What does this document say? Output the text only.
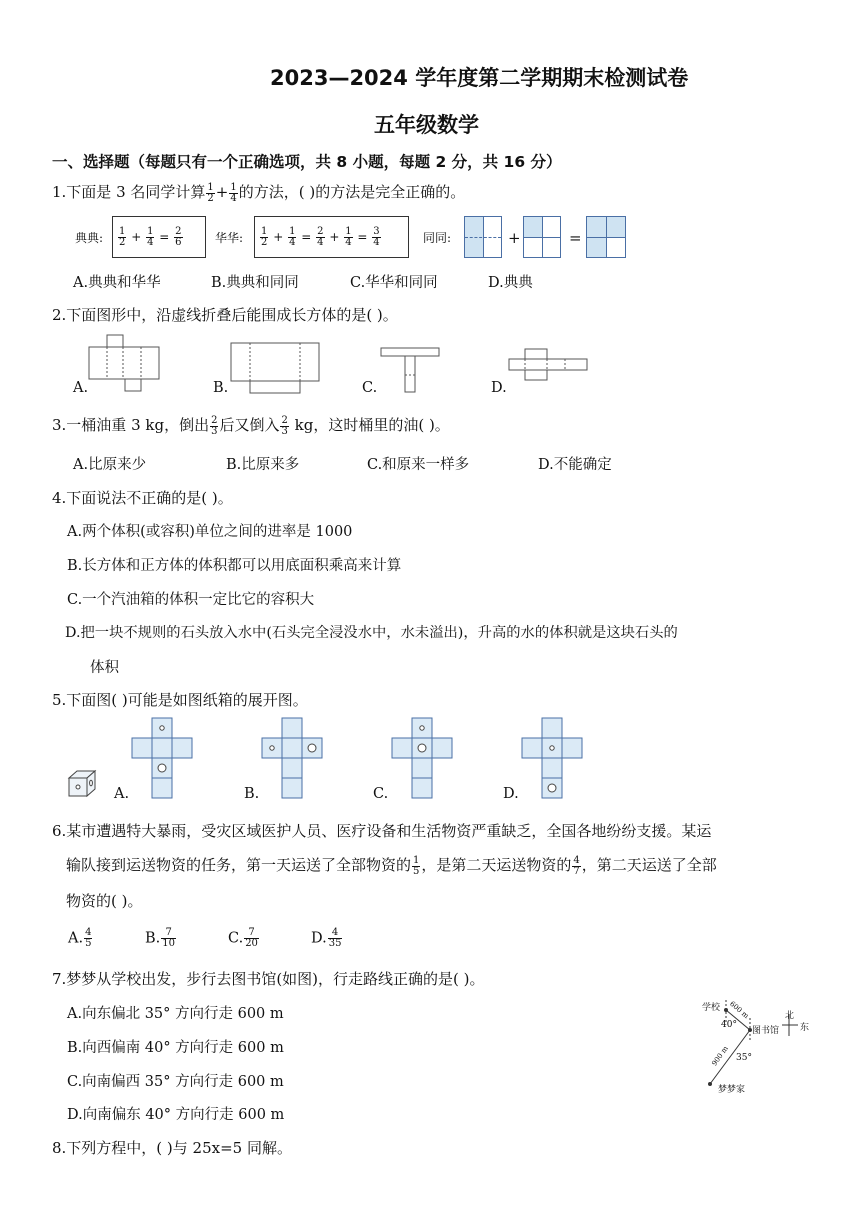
2023—2024 学年度第二学期期末检测试卷
五年级数学
一、选择题（每题只有一个正确选项，共 8 小题，每题 2 分，共 16 分）
1.下面是 3 名同学计算 $\frac{1}{2} + \frac{1}{4}$ 的方法，( )的方法是完全正确的。
典典: $\frac{1}{2} + \frac{1}{4} = \frac{2}{6}$	华华: $\frac{1}{2} + \frac{1}{4} = \frac{2}{4} + \frac{1}{4} = \frac{3}{4}$	同同:	+	=
A.典典和华华	B.典典和同同	C.华华和同同	D.典典
2.下面图形中，沿虚线折叠后能围成长方体的是( )。
A.	B.	C.	D.
3.一桶油重 3 kg，倒出 $\frac{2}{3}$ 后又倒入 $\frac{2}{3}$ kg，这时桶里的油( )。
A.比原来少	B.比原来多	C.和原来一样多	D.不能确定
4.下面说法不正确的是( )。
A.两个体积(或容积)单位之间的进率是 1000
B.长方体和正方体的体积都可以用底面积乘高来计算
C.一个汽油箱的体积一定比它的容积大
D.把一块不规则的石头放入水中(石头完全浸没水中，水未溢出)，升高的水的体积就是这块石头的
体积
5.下面图( )可能是如图纸箱的展开图。
A.	B.	C.	D.
6.某市遭遇特大暴雨，受灾区域医护人员、医疗设备和生活物资严重缺乏，全国各地纷纷支援。某运
输队接到运送物资的任务，第一天运送了全部物资的 $\frac{1}{5}$ ，是第二天运送物资的 $\frac{4}{7}$ ，第二天运送了全部
物资的( )。
A. $\frac{4}{5}$	B. $\frac{7}{10}$	C. $\frac{7}{20}$	D. $\frac{4}{35}$
7.梦梦从学校出发，步行去图书馆(如图)，行走路线正确的是( )。
A.向东偏北 35° 方向行走 600 m
B.向西偏南 40° 方向行走 600 m
C.向南偏西 35° 方向行走 600 m
D.向南偏东 40° 方向行走 600 m
学校
图书馆
梦梦家
北
东
40°
35°
600 m
900 m
8.下列方程中，( )与 25x=5 同解。
